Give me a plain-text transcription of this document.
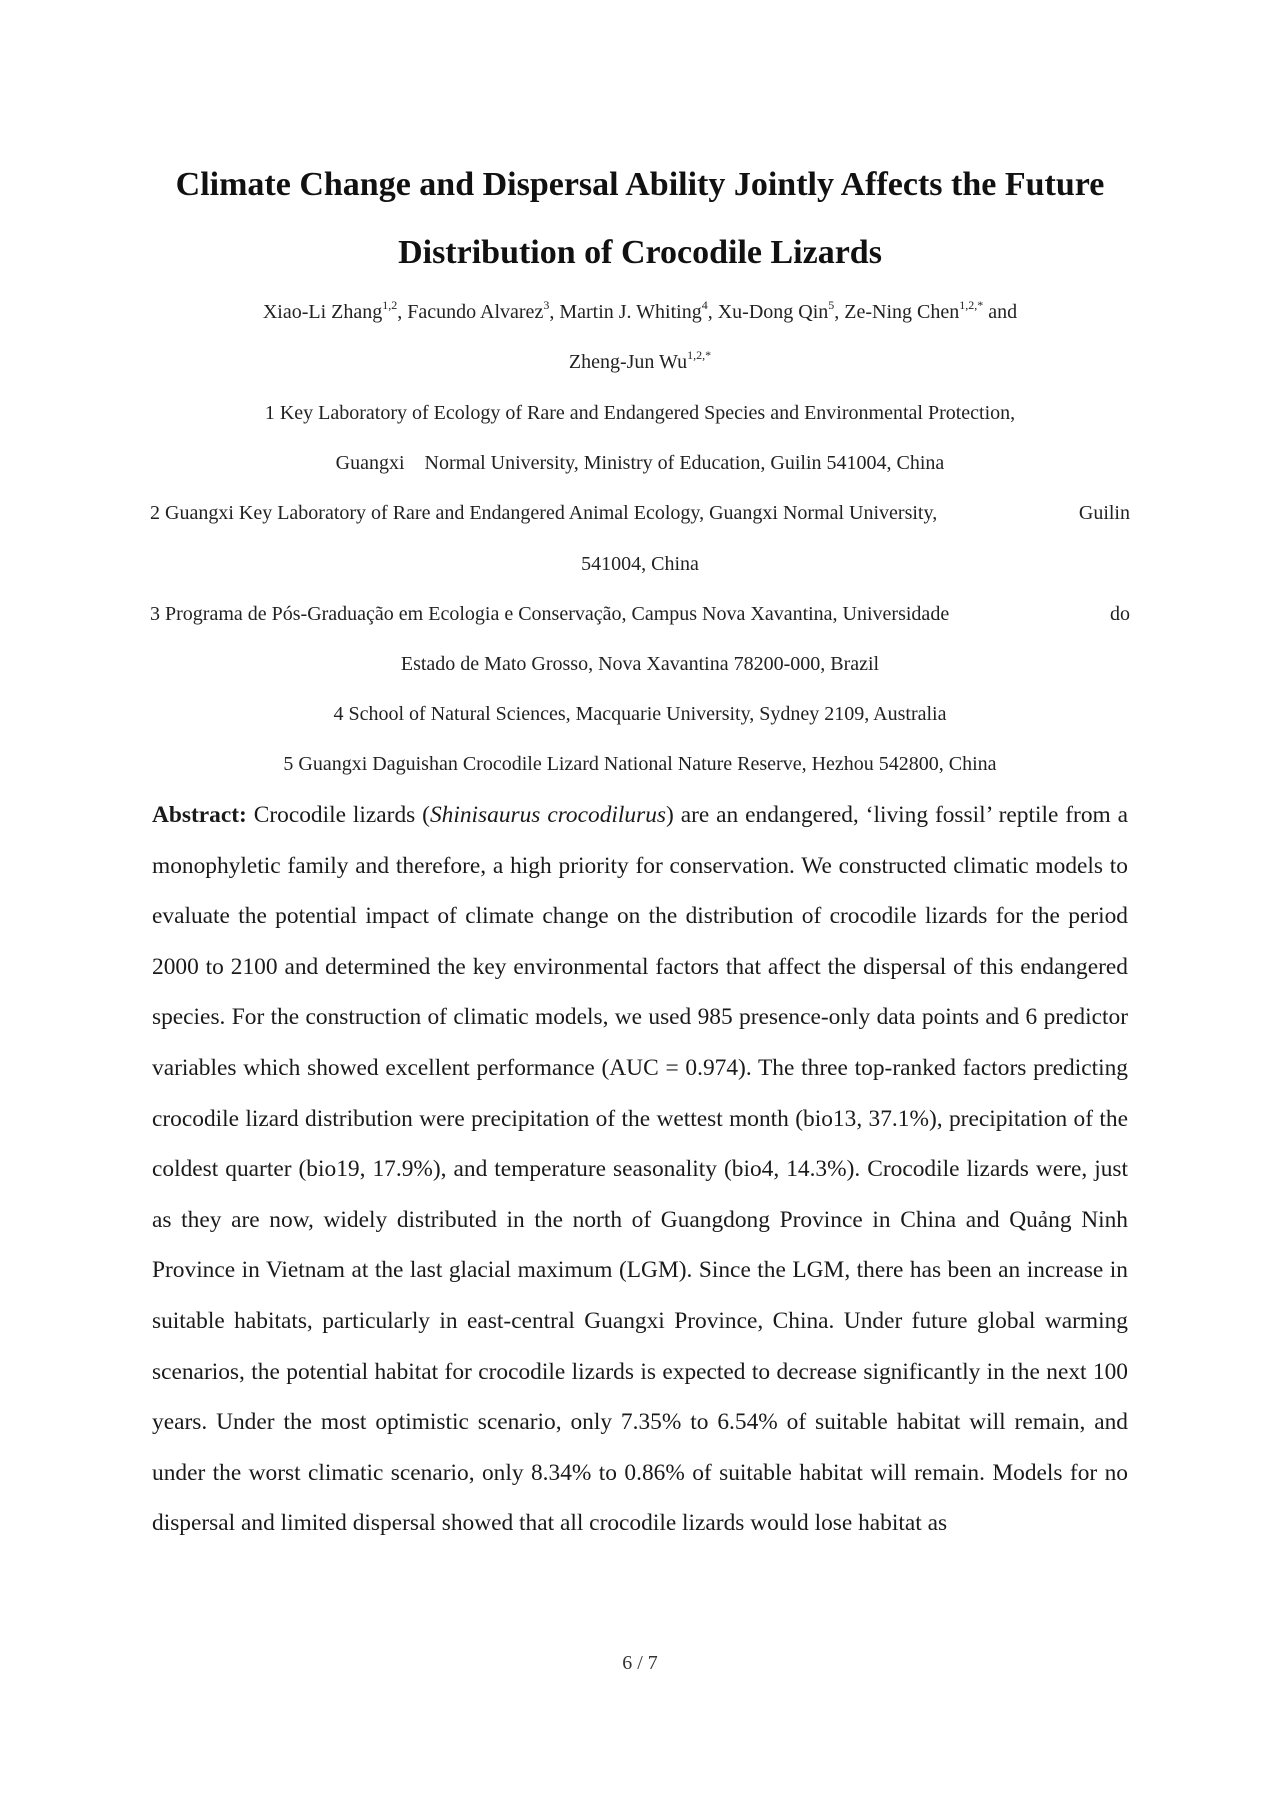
Climate Change and Dispersal Ability Jointly Affects the Future
Distribution of Crocodile Lizards
Xiao-Li Zhang$^{1,2}$, Facundo Alvarez$^3$, Martin J. Whiting$^4$, Xu-Dong Qin$^5$, Ze-Ning Chen$^{1,2,*}$ and
Zheng-Jun $Wu^{1,2,*}$
1 Key Laboratory of Ecology of Rare and Endangered Species and Environmental Protection,
Guangxi    Normal University, Ministry of Education, Guilin 541004, China
2 Guangxi Key Laboratory of Rare and Endangered Animal Ecology, Guangxi Normal University,	Guilin
541004, China
3 Programa de Pós-Graduação em Ecologia e Conservação, Campus Nova Xavantina, Universidade	do
Estado de Mato Grosso, Nova Xavantina 78200-000, Brazil
4 School of Natural Sciences, Macquarie University, Sydney 2109, Australia
5 Guangxi Daguishan Crocodile Lizard National Nature Reserve, Hezhou 542800, China
Abstract: Crocodile lizards (Shinisaurus crocodilurus) are an endangered, ‘living fossil’ reptile from a monophyletic family and therefore, a high priority for conservation. We constructed climatic models to evaluate the potential impact of climate change on the distribution of crocodile lizards for the period 2000 to 2100 and determined the key environmental factors that affect the dispersal of this endangered species. For the construction of climatic models, we used 985 presence-only data points and 6 predictor variables which showed excellent performance (AUC = 0.974). The three top-ranked factors predicting crocodile lizard distribution were precipitation of the wettest month (bio13, 37.1%), precipitation of the coldest quarter (bio19, 17.9%), and temperature seasonality (bio4, 14.3%). Crocodile lizards were, just as they are now, widely distributed in the north of Guangdong Province in China and Quảng Ninh Province in Vietnam at the last glacial maximum (LGM). Since the LGM, there has been an increase in suitable habitats, particularly in east-central Guangxi Province, China. Under future global warming scenarios, the potential habitat for crocodile lizards is expected to decrease significantly in the next 100 years. Under the most optimistic scenario, only 7.35% to 6.54% of suitable habitat will remain, and under the worst climatic scenario, only 8.34% to 0.86% of suitable habitat will remain. Models for no dispersal and limited dispersal showed that all crocodile lizards would lose habitat as
6 / 7
